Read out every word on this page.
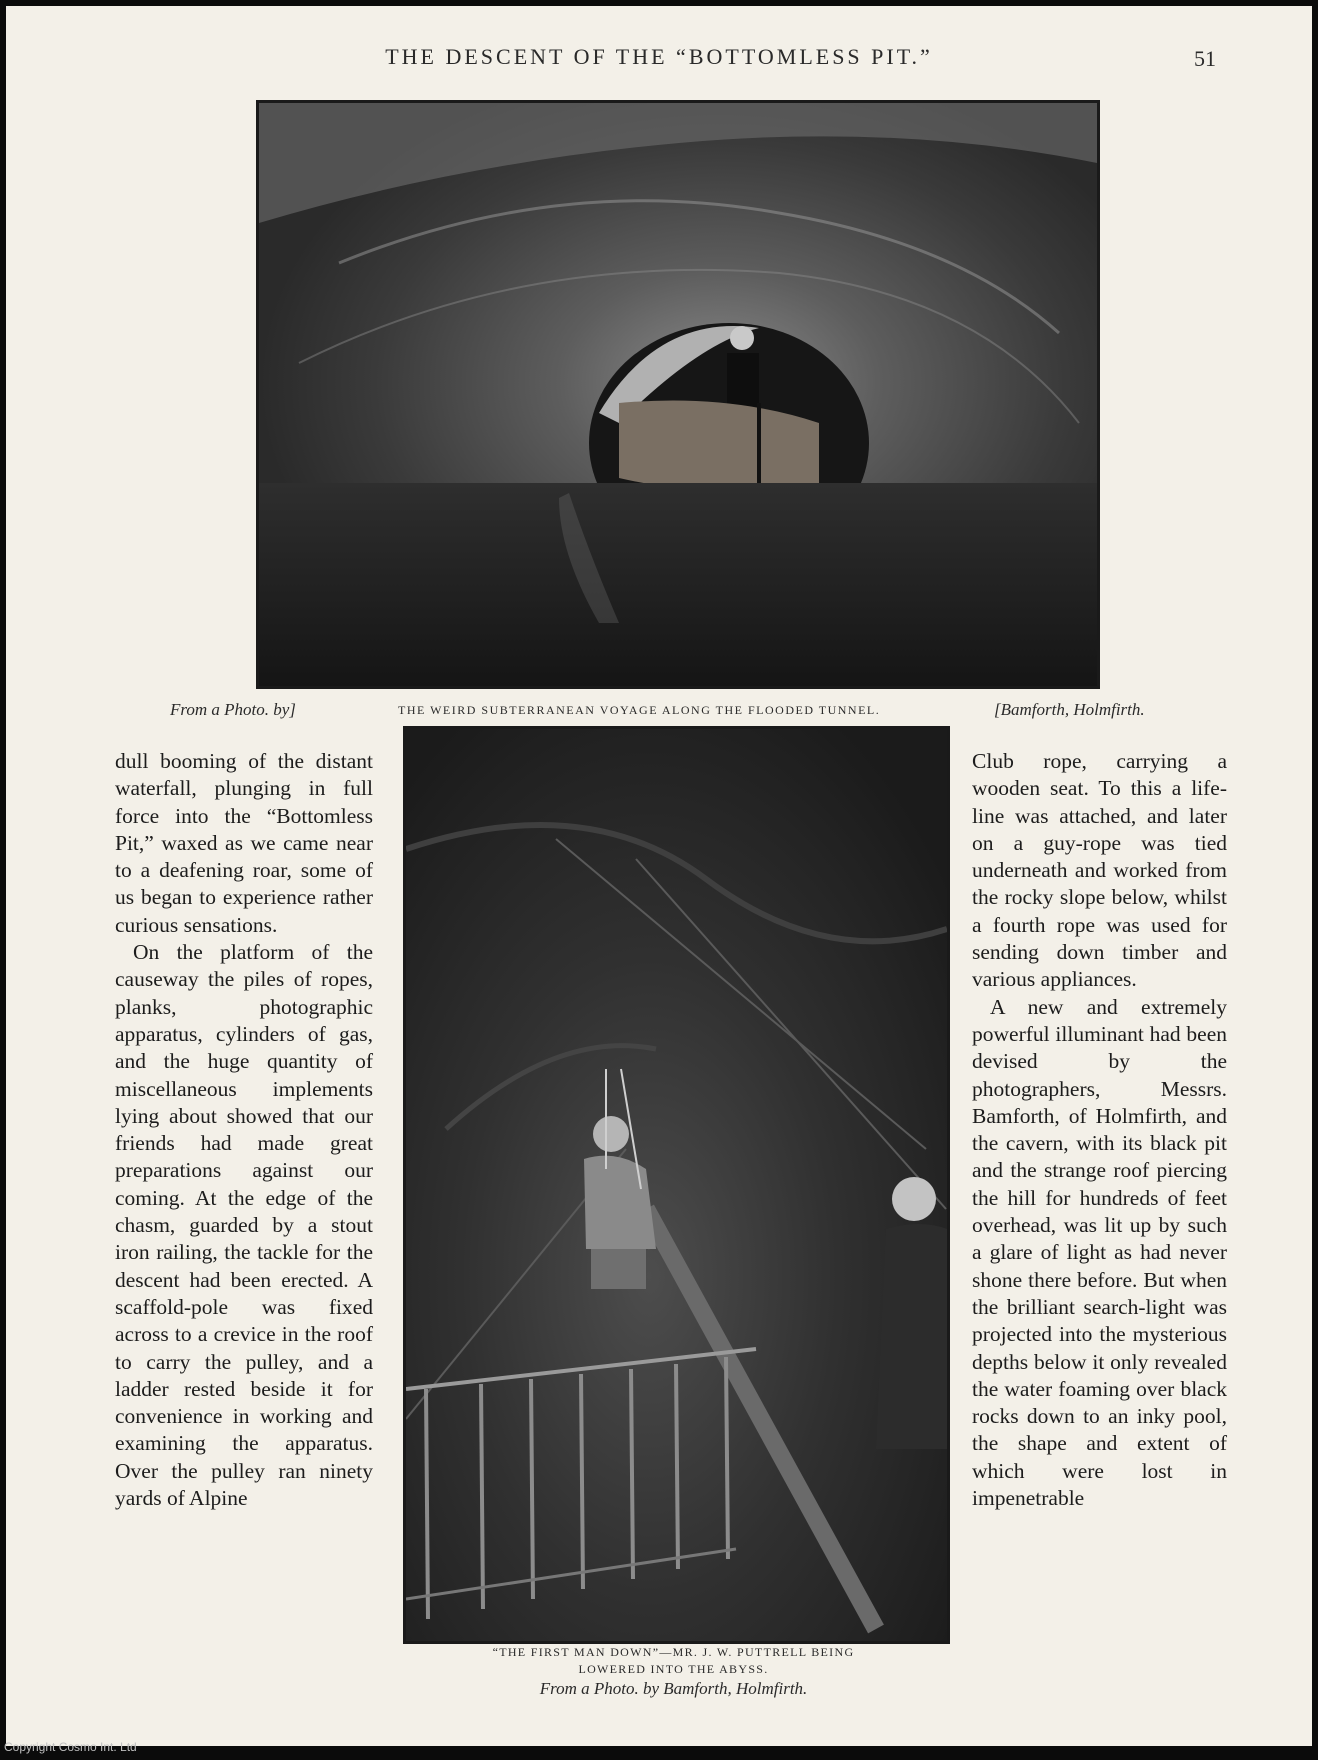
THE DESCENT OF THE “BOTTOMLESS PIT.”	51
From a Photo. by]	THE WEIRD SUBTERRANEAN VOYAGE ALONG THE FLOODED TUNNEL.	[Bamforth, Holmfirth.

dull booming of the distant waterfall, plunging in full force into the “Bottomless Pit,” waxed as we came near to a deafening roar, some of us began to experience rather curious sensations.

On the platform of the causeway the piles of ropes, planks, photographic apparatus, cylinders of gas, and the huge quantity of miscellaneous implements lying about showed that our friends had made great preparations against our coming. At the edge of the chasm, guarded by a stout iron railing, the tackle for the descent had been erected. A scaffold-pole was fixed across to a crevice in the roof to carry the pulley, and a ladder rested beside it for convenience in working and examining the apparatus. Over the pulley ran ninety yards of Alpine

Club rope, carrying a wooden seat. To this a life-line was attached, and later on a guy-rope was tied underneath and worked from the rocky slope below, whilst a fourth rope was used for sending down timber and various appliances.

A new and extremely powerful illuminant had been devised by the photographers, Messrs. Bamforth, of Holmfirth, and the cavern, with its black pit and the strange roof piercing the hill for hundreds of feet overhead, was lit up by such a glare of light as had never shone there before. But when the brilliant search-light was projected into the mysterious depths below it only revealed the water foaming over black rocks down to an inky pool, the shape and extent of which were lost in impenetrable

“THE FIRST MAN DOWN”—MR. J. W. PUTTRELL BEING
LOWERED INTO THE ABYSS.
From a Photo. by Bamforth, Holmfirth.
Copyright Cosmo Int. Ltd
